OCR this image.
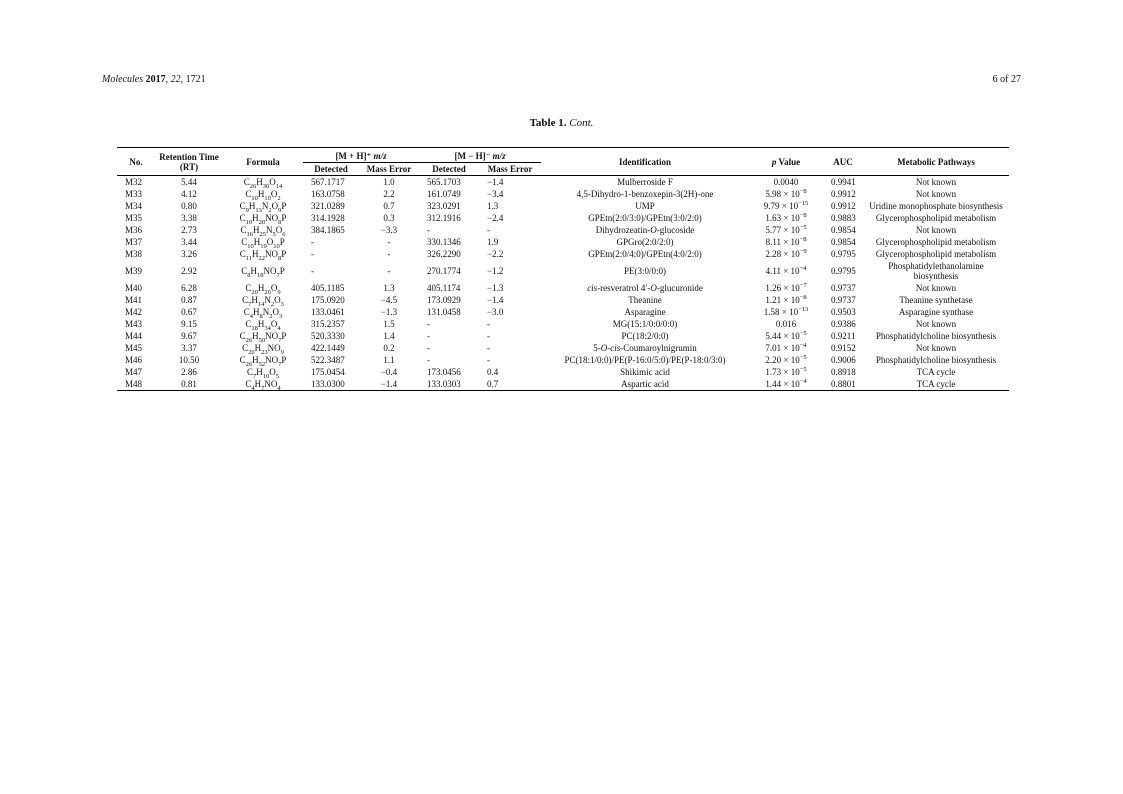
Molecules 2017, 22, 1721	6 of 27
Table 1. Cont.
No.	Retention Time (RT)	Formula	[M + H]⁺ m/z		[M − H]⁻ m/z		Identification	p Value	AUC	Metabolic Pathways
			Detected	Mass Error	Detected	Mass Error				
M32	5.44	$C_{26}H_{30}O_{14}$	567.1717	1.0	565.1703	−1.4	Mulberroside F	0.0040	0.9941	Not known
M33	4.12	$C_{10}H_{10}O_2$	163.0758	2.2	161.0749	−3.4	4,5-Dihydro-1-benzoxepin-3(2H)-one	$5.98 \times 10^{-8}$	0.9912	Not known
M34	0.80	$C_9H_{13}N_2O_9P$	321.0289	0.7	323.0291	1.3	UMP	$9.79 \times 10^{-15}$	0.9912	Uridine monophosphate biosynthesis
M35	3.38	$C_{10}H_{20}NO_8P$	314.1928	0.3	312.1916	−2.4	GPEtn(2:0/3:0)/GPEtn(3:0/2:0)	$1.63 \times 10^{-8}$	0.9883	Glycerophospholipid metabolism
M36	2.73	$C_{16}H_{25}N_5O_6$	384.1865	−3.3	-	-	Dihydrozeatin-O-glucoside	$5.77 \times 10^{-5}$	0.9854	Not known
M37	3.44	$C_{10}H_{19}O_{10}P$	-	-	330.1346	1.9	GPGro(2:0/2:0)	$8.11 \times 10^{-8}$	0.9854	Glycerophospholipid metabolism
M38	3.26	$C_{11}H_{22}NO_8P$	-	-	326.2290	−2.2	GPEtn(2:0/4:0)/GPEtn(4:0/2:0)	$2.28 \times 10^{-9}$	0.9795	Glycerophospholipid metabolism
M39	2.92	$C_8H_{18}NO_7P$	-	-	270.1774	−1.2	PE(3:0/0:0)	$4.11 \times 10^{-4}$	0.9795	Phosphatidylethanolamine biosynthesis
M40	6.28	$C_{20}H_{20}O_9$	405.1185	1.3	405.1174	−1.3	cis-resveratrol 4′-O-glucuronide	$1.26 \times 10^{-7}$	0.9737	Not known
M41	0.87	$C_7H_{14}N_2O_3$	175.0920	−4.5	173.0929	−1.4	Theanine	$1.21 \times 10^{-8}$	0.9737	Theanine synthetase
M42	0.67	$C_4H_8N_2O_3$	133.0461	−1.3	131.0458	−3.0	Asparagine	$1.58 \times 10^{-13}$	0.9503	Asparagine synthase
M43	9.15	$C_{18}H_{34}O_4$	315.2357	1.5	-	-	MG(15:1/0:0/0:0)	0.016	0.9386	Not known
M44	9.67	$C_{26}H_{50}NO_7P$	520.3330	1.4	-	-	PC(18:2/0:0)	$5.44 \times 10^{-5}$	0.9211	Phosphatidylcholine biosynthesis
M45	3.37	$C_{20}H_{23}NO_9$	422.1449	0.2	-	-	5-O-cis-Coumaroylnigrumin	$7.01 \times 10^{-4}$	0.9152	Not known
M46	10.50	$C_{26}H_{52}NO_7P$	522.3487	1.1	-	-	PC(18:1/0:0)/PE(P-16:0/5:0)/PE(P-18:0/3:0)	$2.20 \times 10^{-5}$	0.9006	Phosphatidylcholine biosynthesis
M47	2.86	$C_7H_{10}O_5$	175.0454	−0.4	173.0456	0.4	Shikimic acid	$1.73 \times 10^{-5}$	0.8918	TCA cycle
M48	0.81	$C_4H_7NO_4$	133.0300	−1.4	133.0303	0.7	Aspartic acid	$1.44 \times 10^{-4}$	0.8801	TCA cycle
